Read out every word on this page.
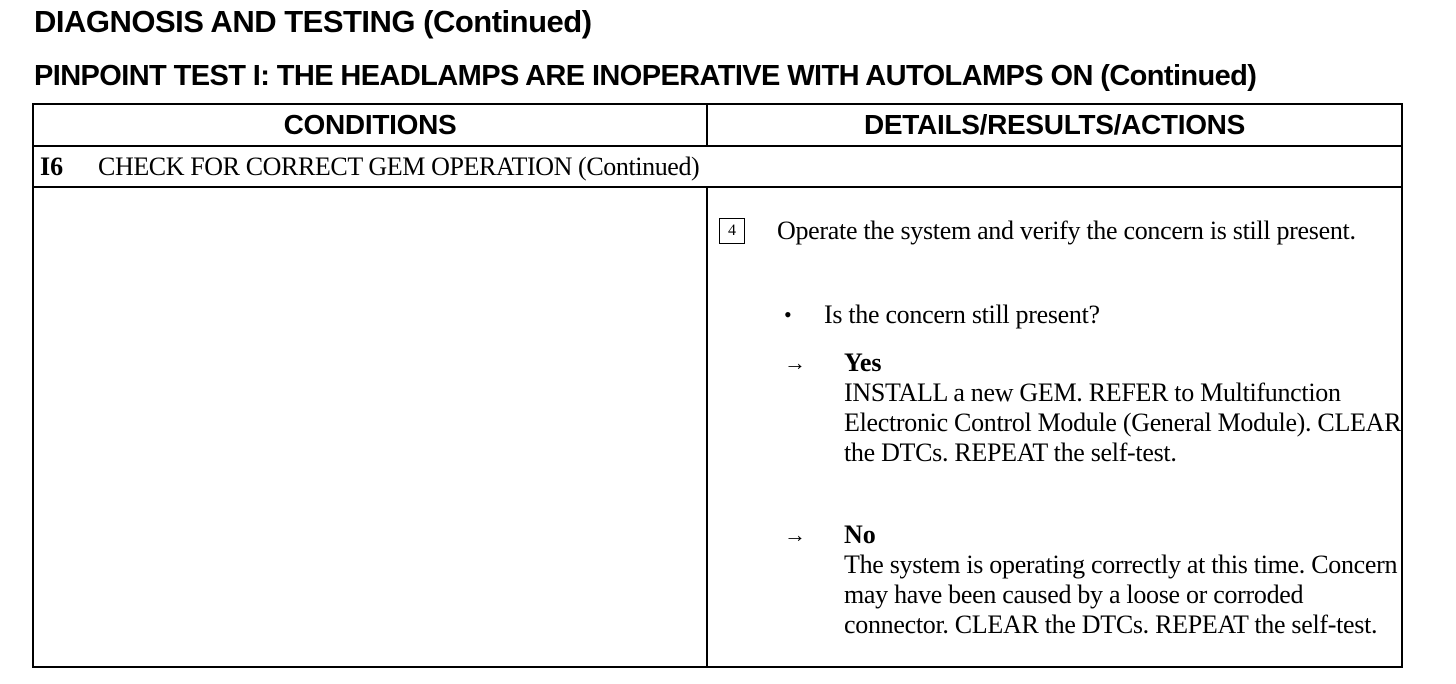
DIAGNOSIS AND TESTING (Continued)
PINPOINT TEST I: THE HEADLAMPS ARE INOPERATIVE WITH AUTOLAMPS ON (Continued)
CONDITIONS	DETAILS/RESULTS/ACTIONS
I6 CHECK FOR CORRECT GEM OPERATION (Continued)
4	Operate the system and verify the concern is still present.
• Is the concern still present?
→ Yes
INSTALL a new GEM. REFER to Multifunction Electronic Control Module (General Module). CLEAR the DTCs. REPEAT the self-test.
→ No
The system is operating correctly at this time. Concern may have been caused by a loose or corroded connector. CLEAR the DTCs. REPEAT the self-test.
